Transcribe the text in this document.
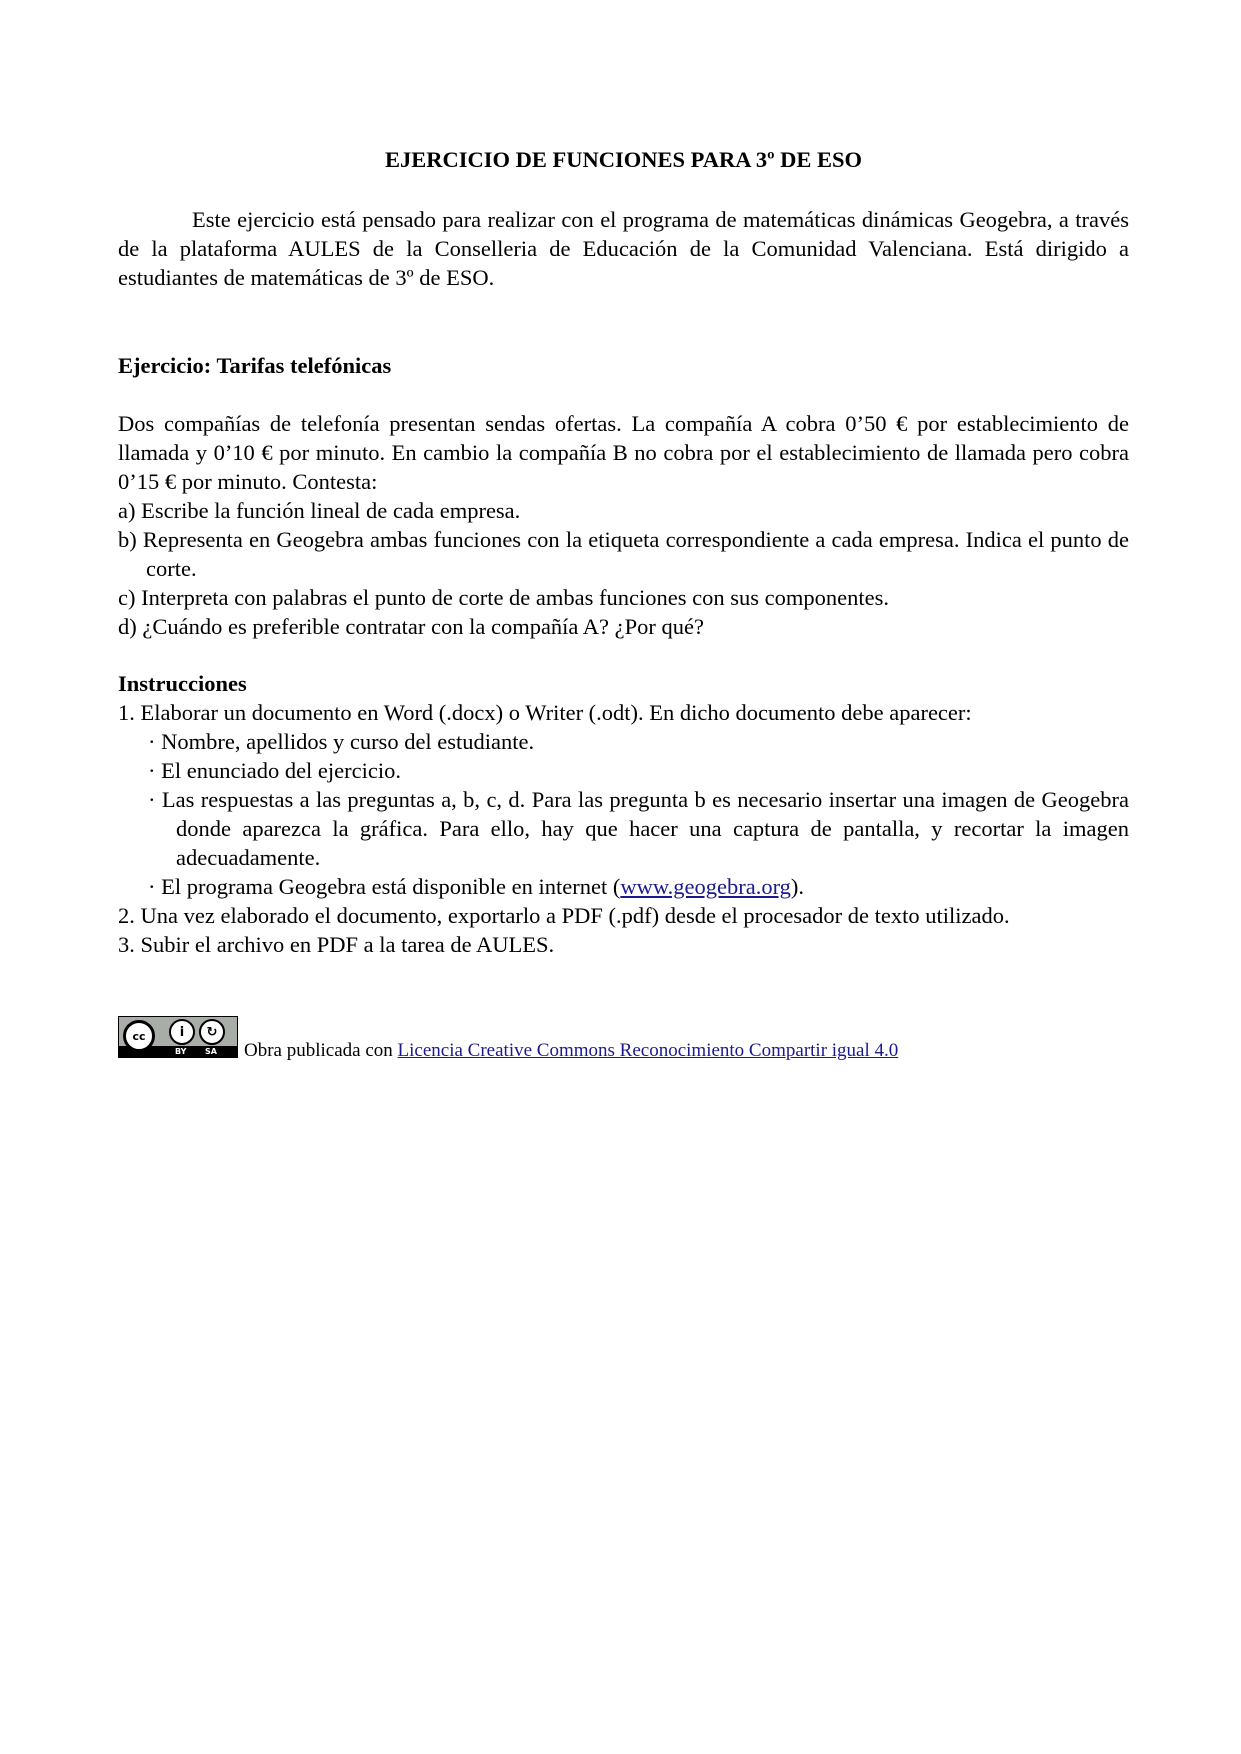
EJERCICIO DE FUNCIONES PARA 3º DE ESO

Este ejercicio está pensado para realizar con el programa de matemáticas dinámicas Geogebra, a través de la plataforma AULES de la Conselleria de Educación de la Comunidad Valenciana. Está dirigido a estudiantes de matemáticas de 3º de ESO.

Ejercicio: Tarifas telefónicas

Dos compañías de telefonía presentan sendas ofertas. La compañía A cobra 0’50 € por establecimiento de llamada y 0’10 € por minuto. En cambio la compañía B no cobra por el establecimiento de llamada pero cobra 0’15 € por minuto. Contesta:

a) Escribe la función lineal de cada empresa.
b) Representa en Geogebra ambas funciones con la etiqueta correspondiente a cada empresa. Indica el punto de corte.
c) Interpreta con palabras el punto de corte de ambas funciones con sus componentes.
d) ¿Cuándo es preferible contratar con la compañía A? ¿Por qué?

Instrucciones

1. Elaborar un documento en Word (.docx) o Writer (.odt). En dicho documento debe aparecer:
· Nombre, apellidos y curso del estudiante.
· El enunciado del ejercicio.
· Las respuestas a las preguntas a, b, c, d. Para las pregunta b es necesario insertar una imagen de Geogebra donde aparezca la gráfica. Para ello, hay que hacer una captura de pantalla, y recortar la imagen adecuadamente.
· El programa Geogebra está disponible en internet (www.geogebra.org).
2. Una vez elaborado el documento, exportarlo a PDF (.pdf) desde el procesador de texto utilizado.
3. Subir el archivo en PDF a la tarea de AULES.
cc	i	↻
BY SA Obra publicada con Licencia Creative Commons Reconocimiento Compartir igual 4.0
